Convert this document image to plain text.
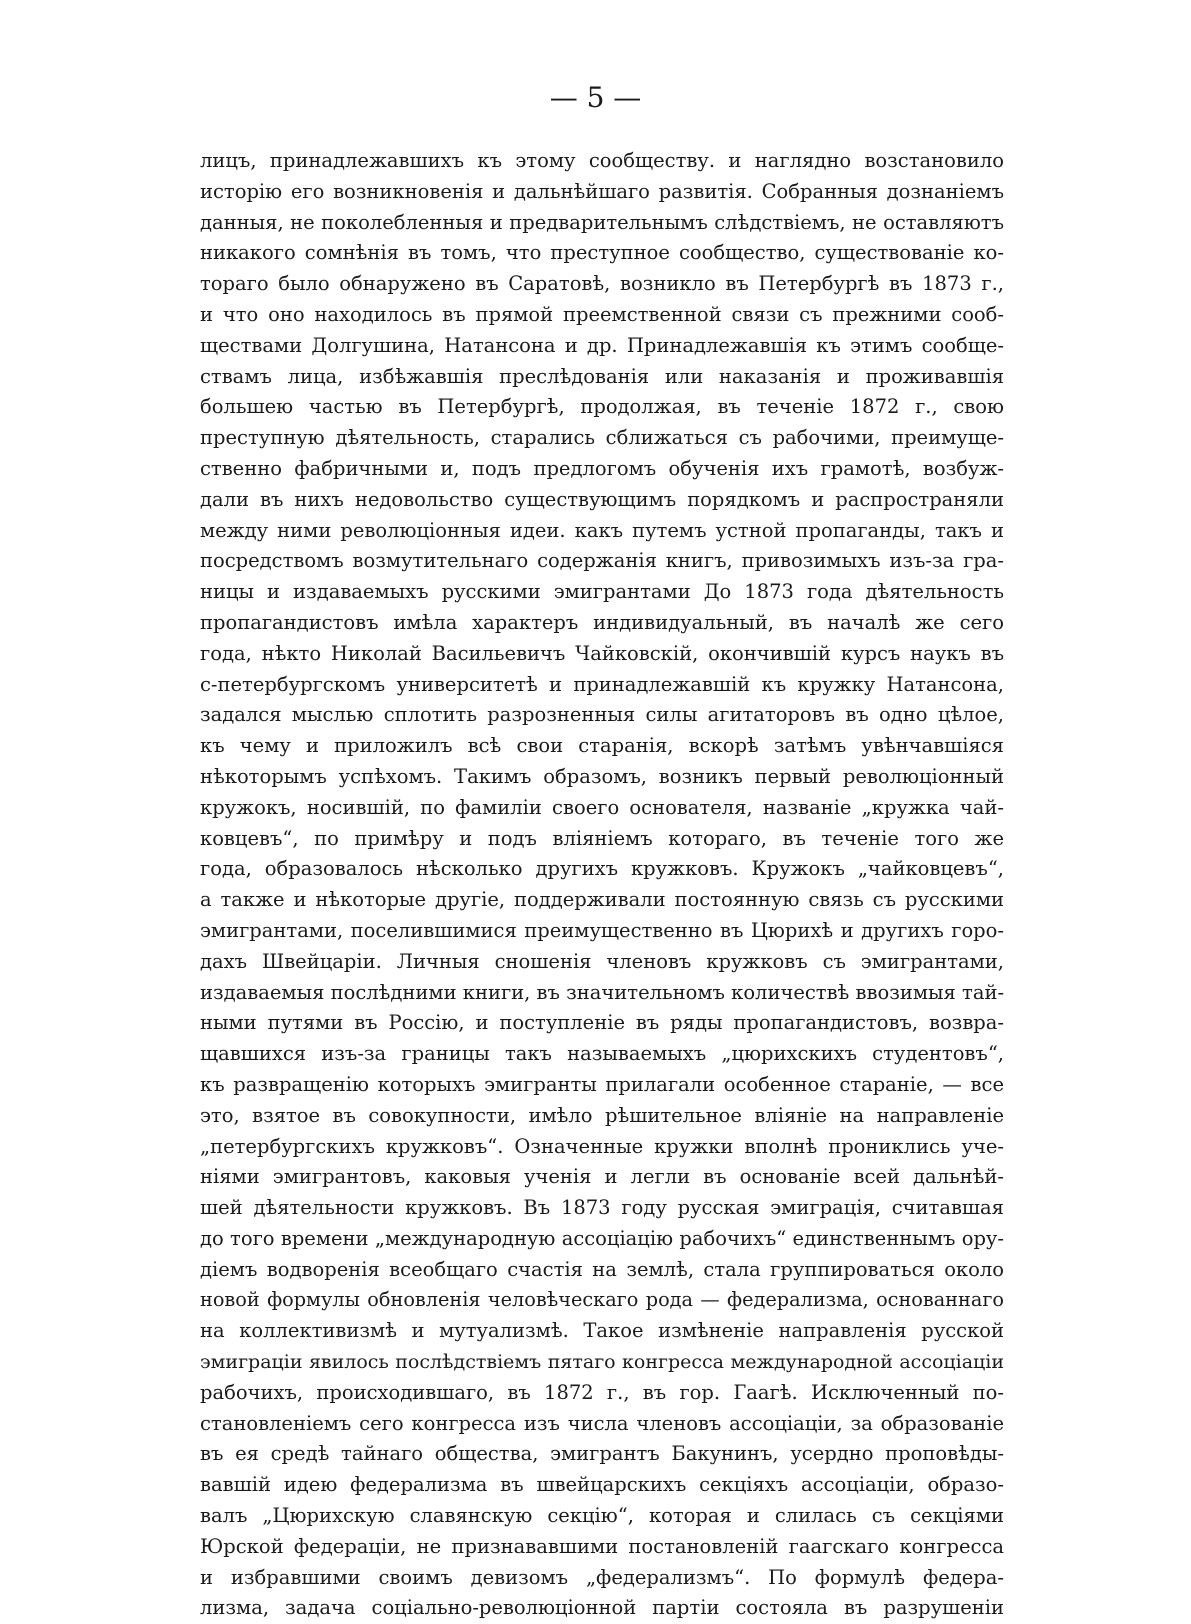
— 5 —
лицъ, принадлежавшихъ къ этому сообществу. и наглядно возстановило
исторію его возникновенія и дальнѣйшаго развитія. Собранныя дознаніемъ
данныя, не поколебленныя и предварительнымъ слѣдствіемъ, не оставляютъ
никакого сомнѣнія въ томъ, что преступное сообщество, существованіе ко-
тораго было обнаружено въ Саратовѣ, возникло въ Петербургѣ въ 1873 г.,
и что оно находилось въ прямой преемственной связи съ прежними сооб-
ществами Долгушина, Натансона и др. Принадлежавшія къ этимъ сообще-
ствамъ лица, избѣжавшія преслѣдованія или наказанія и проживавшія
большею частью въ Петербургѣ, продолжая, въ теченіе 1872 г., свою
преступную дѣятельность, старались сближаться съ рабочими, преимуще-
ственно фабричными и, подъ предлогомъ обученія ихъ грамотѣ, возбуж-
дали въ нихъ недовольство существующимъ порядкомъ и распространяли
между ними революціонныя идеи. какъ путемъ устной пропаганды, такъ и
посредствомъ возмутительнаго содержанія книгъ, привозимыхъ изъ-за гра-
ницы и издаваемыхъ русскими эмигрантами До 1873 года дѣятельность
пропагандистовъ имѣла характеръ индивидуальный, въ началѣ же сего
года, нѣкто Николай Васильевичъ Чайковскій, окончившій курсъ наукъ въ
с-петербургскомъ университетѣ и принадлежавшій къ кружку Натансона,
задался мыслью сплотить разрозненныя силы агитаторовъ въ одно цѣлое,
къ чему и приложилъ всѣ свои старанія, вскорѣ затѣмъ увѣнчавшіяся
нѣкоторымъ успѣхомъ. Такимъ образомъ, возникъ первый революціонный
кружокъ, носившій, по фамиліи своего основателя, названіе „кружка чай-
ковцевъ“, по примѣру и подъ вліяніемъ котораго, въ теченіе того же
года, образовалось нѣсколько другихъ кружковъ. Кружокъ „чайковцевъ“,
а также и нѣкоторые другіе, поддерживали постоянную связь съ русскими
эмигрантами, поселившимися преимущественно въ Цюрихѣ и другихъ горо-
дахъ Швейцаріи. Личныя сношенія членовъ кружковъ съ эмигрантами,
издаваемыя послѣдними книги, въ значительномъ количествѣ ввозимыя тай-
ными путями въ Россію, и поступленіе въ ряды пропагандистовъ, возвра-
щавшихся изъ-за границы такъ называемыхъ „цюрихскихъ студентовъ“,
къ развращенію которыхъ эмигранты прилагали особенное стараніе, — все
это, взятое въ совокупности, имѣло рѣшительное вліяніе на направленіе
„петербургскихъ кружковъ“. Означенные кружки вполнѣ прониклись уче-
ніями эмигрантовъ, каковыя ученія и легли въ основаніе всей дальнѣй-
шей дѣятельности кружковъ. Въ 1873 году русская эмиграція, считавшая
до того времени „международную ассоціацію рабочихъ“ единственнымъ ору-
діемъ водворенія всеобщаго счастія на землѣ, стала группироваться около
новой формулы обновленія человѣческаго рода — федерализма, основаннаго
на коллективизмѣ и мутуализмѣ. Такое измѣненіе направленія русской
эмиграціи явилось послѣдствіемъ пятаго конгресса международной ассоціаціи
рабочихъ, происходившаго, въ 1872 г., въ гор. Гаагѣ. Исключенный по-
становленіемъ сего конгресса изъ числа членовъ ассоціаціи, за образованіе
въ ея средѣ тайнаго общества, эмигрантъ Бакунинъ, усердно проповѣды-
вавшій идею федерализма въ швейцарскихъ секціяхъ ассоціаціи, образо-
валъ „Цюрихскую славянскую секцію“, которая и слилась съ секціями
Юрской федераціи, не признававшими постановленій гаагскаго конгресса
и избравшими своимъ девизомъ „федерализмъ“. По формулѣ федера-
лизма, задача соціально-революціонной партіи состояла въ разрушеніи
